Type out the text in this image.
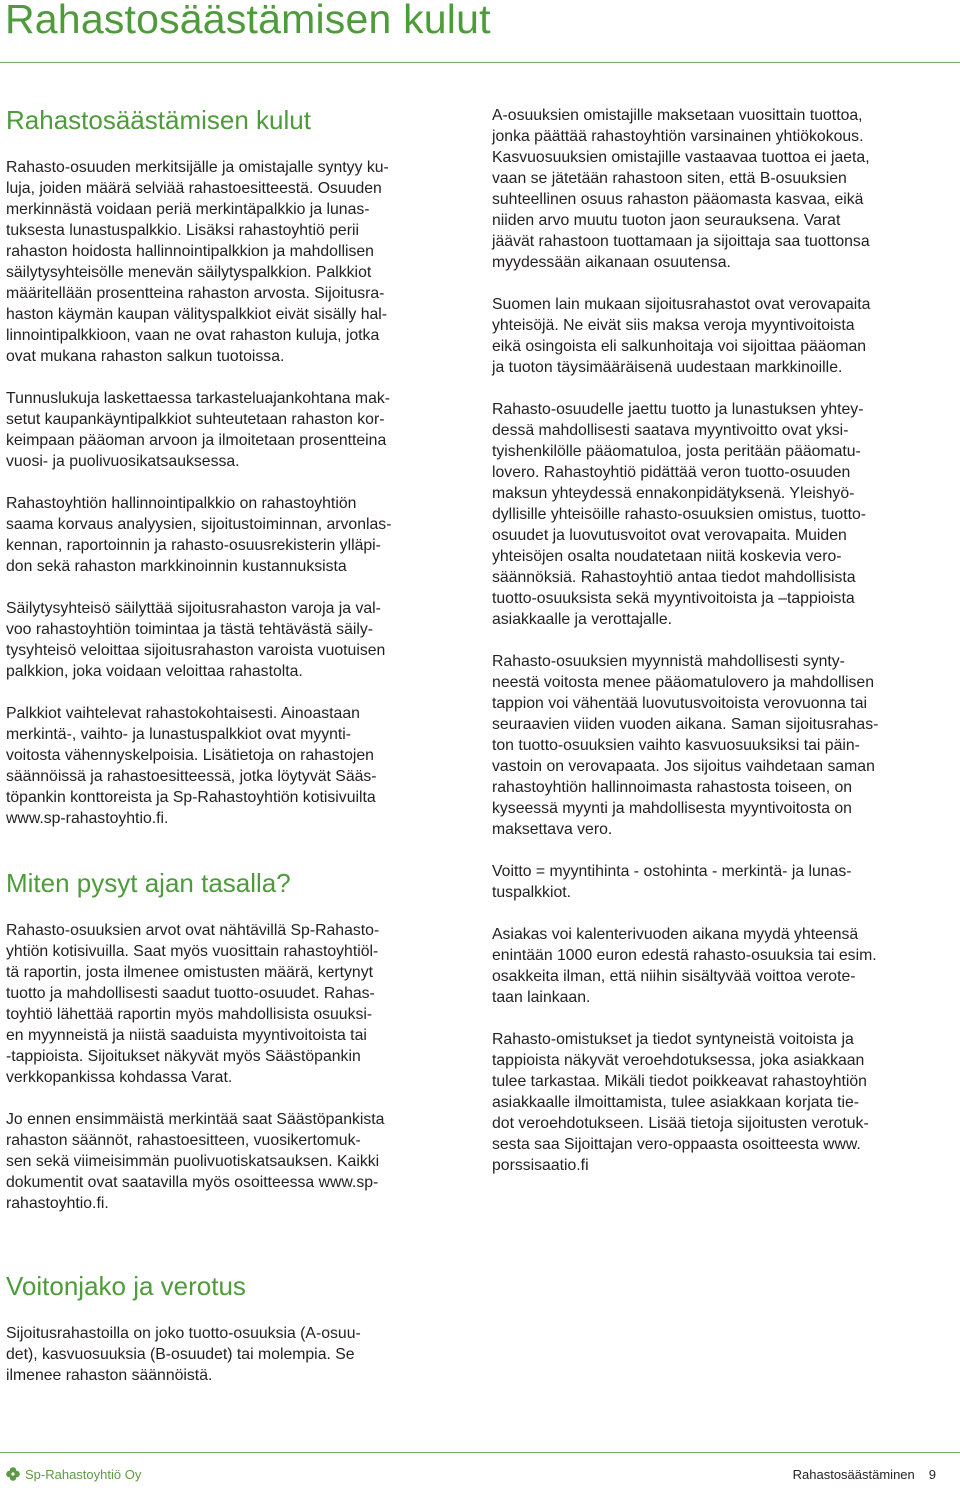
Rahastosäästämisen kulut
Rahastosäästämisen kulut

Rahasto-osuuden merkitsijälle ja omistajalle syntyy ku-
luja, joiden määrä selviää rahastoesitteestä. Osuuden
merkinnästä voidaan periä merkintäpalkkio ja lunas-
tuksesta lunastuspalkkio. Lisäksi rahastoyhtiö perii
rahaston hoidosta hallinnointipalkkion ja mahdollisen
säilytysyhteisölle menevän säilytyspalkkion. Palkkiot
määritellään prosentteina rahaston arvosta. Sijoitusra-
haston käymän kaupan välityspalkkiot eivät sisälly hal-
linnointipalkkioon, vaan ne ovat rahaston kuluja, jotka
ovat mukana rahaston salkun tuotoissa.

Tunnuslukuja laskettaessa tarkasteluajankohtana mak-
setut kaupankäyntipalkkiot suhteutetaan rahaston kor-
keimpaan pääoman arvoon ja ilmoitetaan prosentteina
vuosi- ja puolivuosikatsauksessa.

Rahastoyhtiön hallinnointipalkkio on rahastoyhtiön
saama korvaus analyysien, sijoitustoiminnan, arvonlas-
kennan, raportoinnin ja rahasto-osuusrekisterin ylläpi-
don sekä rahaston markkinoinnin kustannuksista

Säilytysyhteisö säilyttää sijoitusrahaston varoja ja val-
voo rahastoyhtiön toimintaa ja tästä tehtävästä säily-
tysyhteisö veloittaa sijoitusrahaston varoista vuotuisen
palkkion, joka voidaan veloittaa rahastolta.

Palkkiot vaihtelevat rahastokohtaisesti. Ainoastaan
merkintä-, vaihto- ja lunastuspalkkiot ovat myynti-
voitosta vähennyskelpoisia. Lisätietoja on rahastojen
säännöissä ja rahastoesitteessä, jotka löytyvät Sääs-
töpankin konttoreista ja Sp-Rahastoyhtiön kotisivuilta
www.sp-rahastoyhtio.fi.

Miten pysyt ajan tasalla?

Rahasto-osuuksien arvot ovat nähtävillä Sp-Rahasto-
yhtiön kotisivuilla. Saat myös vuosittain rahastoyhtiöl-
tä raportin, josta ilmenee omistusten määrä, kertynyt
tuotto ja mahdollisesti saadut tuotto-osuudet. Rahas-
toyhtiö lähettää raportin myös mahdollisista osuuksi-
en myynneistä ja niistä saaduista myyntivoitoista tai
-tappioista. Sijoitukset näkyvät myös Säästöpankin
verkkopankissa kohdassa Varat.

Jo ennen ensimmäistä merkintää saat Säästöpankista
rahaston säännöt, rahastoesitteen, vuosikertomuk-
sen sekä viimeisimmän puolivuotiskatsauksen. Kaikki
dokumentit ovat saatavilla myös osoitteessa www.sp-
rahastoyhtio.fi.

Voitonjako ja verotus

Sijoitusrahastoilla on joko tuotto-osuuksia (A-osuu-
det), kasvuosuuksia (B-osuudet) tai molempia. Se
ilmenee rahaston säännöistä.

A-osuuksien omistajille maksetaan vuosittain tuottoa,
jonka päättää rahastoyhtiön varsinainen yhtiökokous.
Kasvuosuuksien omistajille vastaavaa tuottoa ei jaeta,
vaan se jätetään rahastoon siten, että B-osuuksien
suhteellinen osuus rahaston pääomasta kasvaa, eikä
niiden arvo muutu tuoton jaon seurauksena. Varat
jäävät rahastoon tuottamaan ja sijoittaja saa tuottonsa
myydessään aikanaan osuutensa.

Suomen lain mukaan sijoitusrahastot ovat verovapaita
yhteisöjä. Ne eivät siis maksa veroja myyntivoitoista
eikä osingoista eli salkunhoitaja voi sijoittaa pääoman
ja tuoton täysimääräisenä uudestaan markkinoille.

Rahasto-osuudelle jaettu tuotto ja lunastuksen yhtey-
dessä mahdollisesti saatava myyntivoitto ovat yksi-
tyishenkilölle pääomatuloa, josta peritään pääomatu-
lovero. Rahastoyhtiö pidättää veron tuotto-osuuden
maksun yhteydessä ennakonpidätyksenä. Yleishyö-
dyllisille yhteisöille rahasto-osuuksien omistus, tuotto-
osuudet ja luovutusvoitot ovat verovapaita. Muiden
yhteisöjen osalta noudatetaan niitä koskevia vero-
säännöksiä. Rahastoyhtiö antaa tiedot mahdollisista
tuotto-osuuksista sekä myyntivoitoista ja –tappioista
asiakkaalle ja verottajalle.

Rahasto-osuuksien myynnistä mahdollisesti synty-
neestä voitosta menee pääomatulovero ja mahdollisen
tappion voi vähentää luovutusvoitoista verovuonna tai
seuraavien viiden vuoden aikana. Saman sijoitusrahas-
ton tuotto-osuuksien vaihto kasvuosuuksiksi tai päin-
vastoin on verovapaata. Jos sijoitus vaihdetaan saman
rahastoyhtiön hallinnoimasta rahastosta toiseen, on
kyseessä myynti ja mahdollisesta myyntivoitosta on
maksettava vero.

Voitto = myyntihinta - ostohinta - merkintä- ja lunas-
tuspalkkiot.

Asiakas voi kalenterivuoden aikana myydä yhteensä
enintään 1000 euron edestä rahasto-osuuksia tai esim.
osakkeita ilman, että niihin sisältyvää voittoa verote-
taan lainkaan.

Rahasto-omistukset ja tiedot syntyneistä voitoista ja
tappioista näkyvät veroehdotuksessa, joka asiakkaan
tulee tarkastaa. Mikäli tiedot poikkeavat rahastoyhtiön
asiakkaalle ilmoittamista, tulee asiakkaan korjata tie-
dot veroehdotukseen. Lisää tietoja sijoitusten verotuk-
sesta saa Sijoittajan vero-oppaasta osoitteesta www.
porssisaatio.fi

Sp-Rahastoyhtiö Oy	Rahastosäästäminen 9
